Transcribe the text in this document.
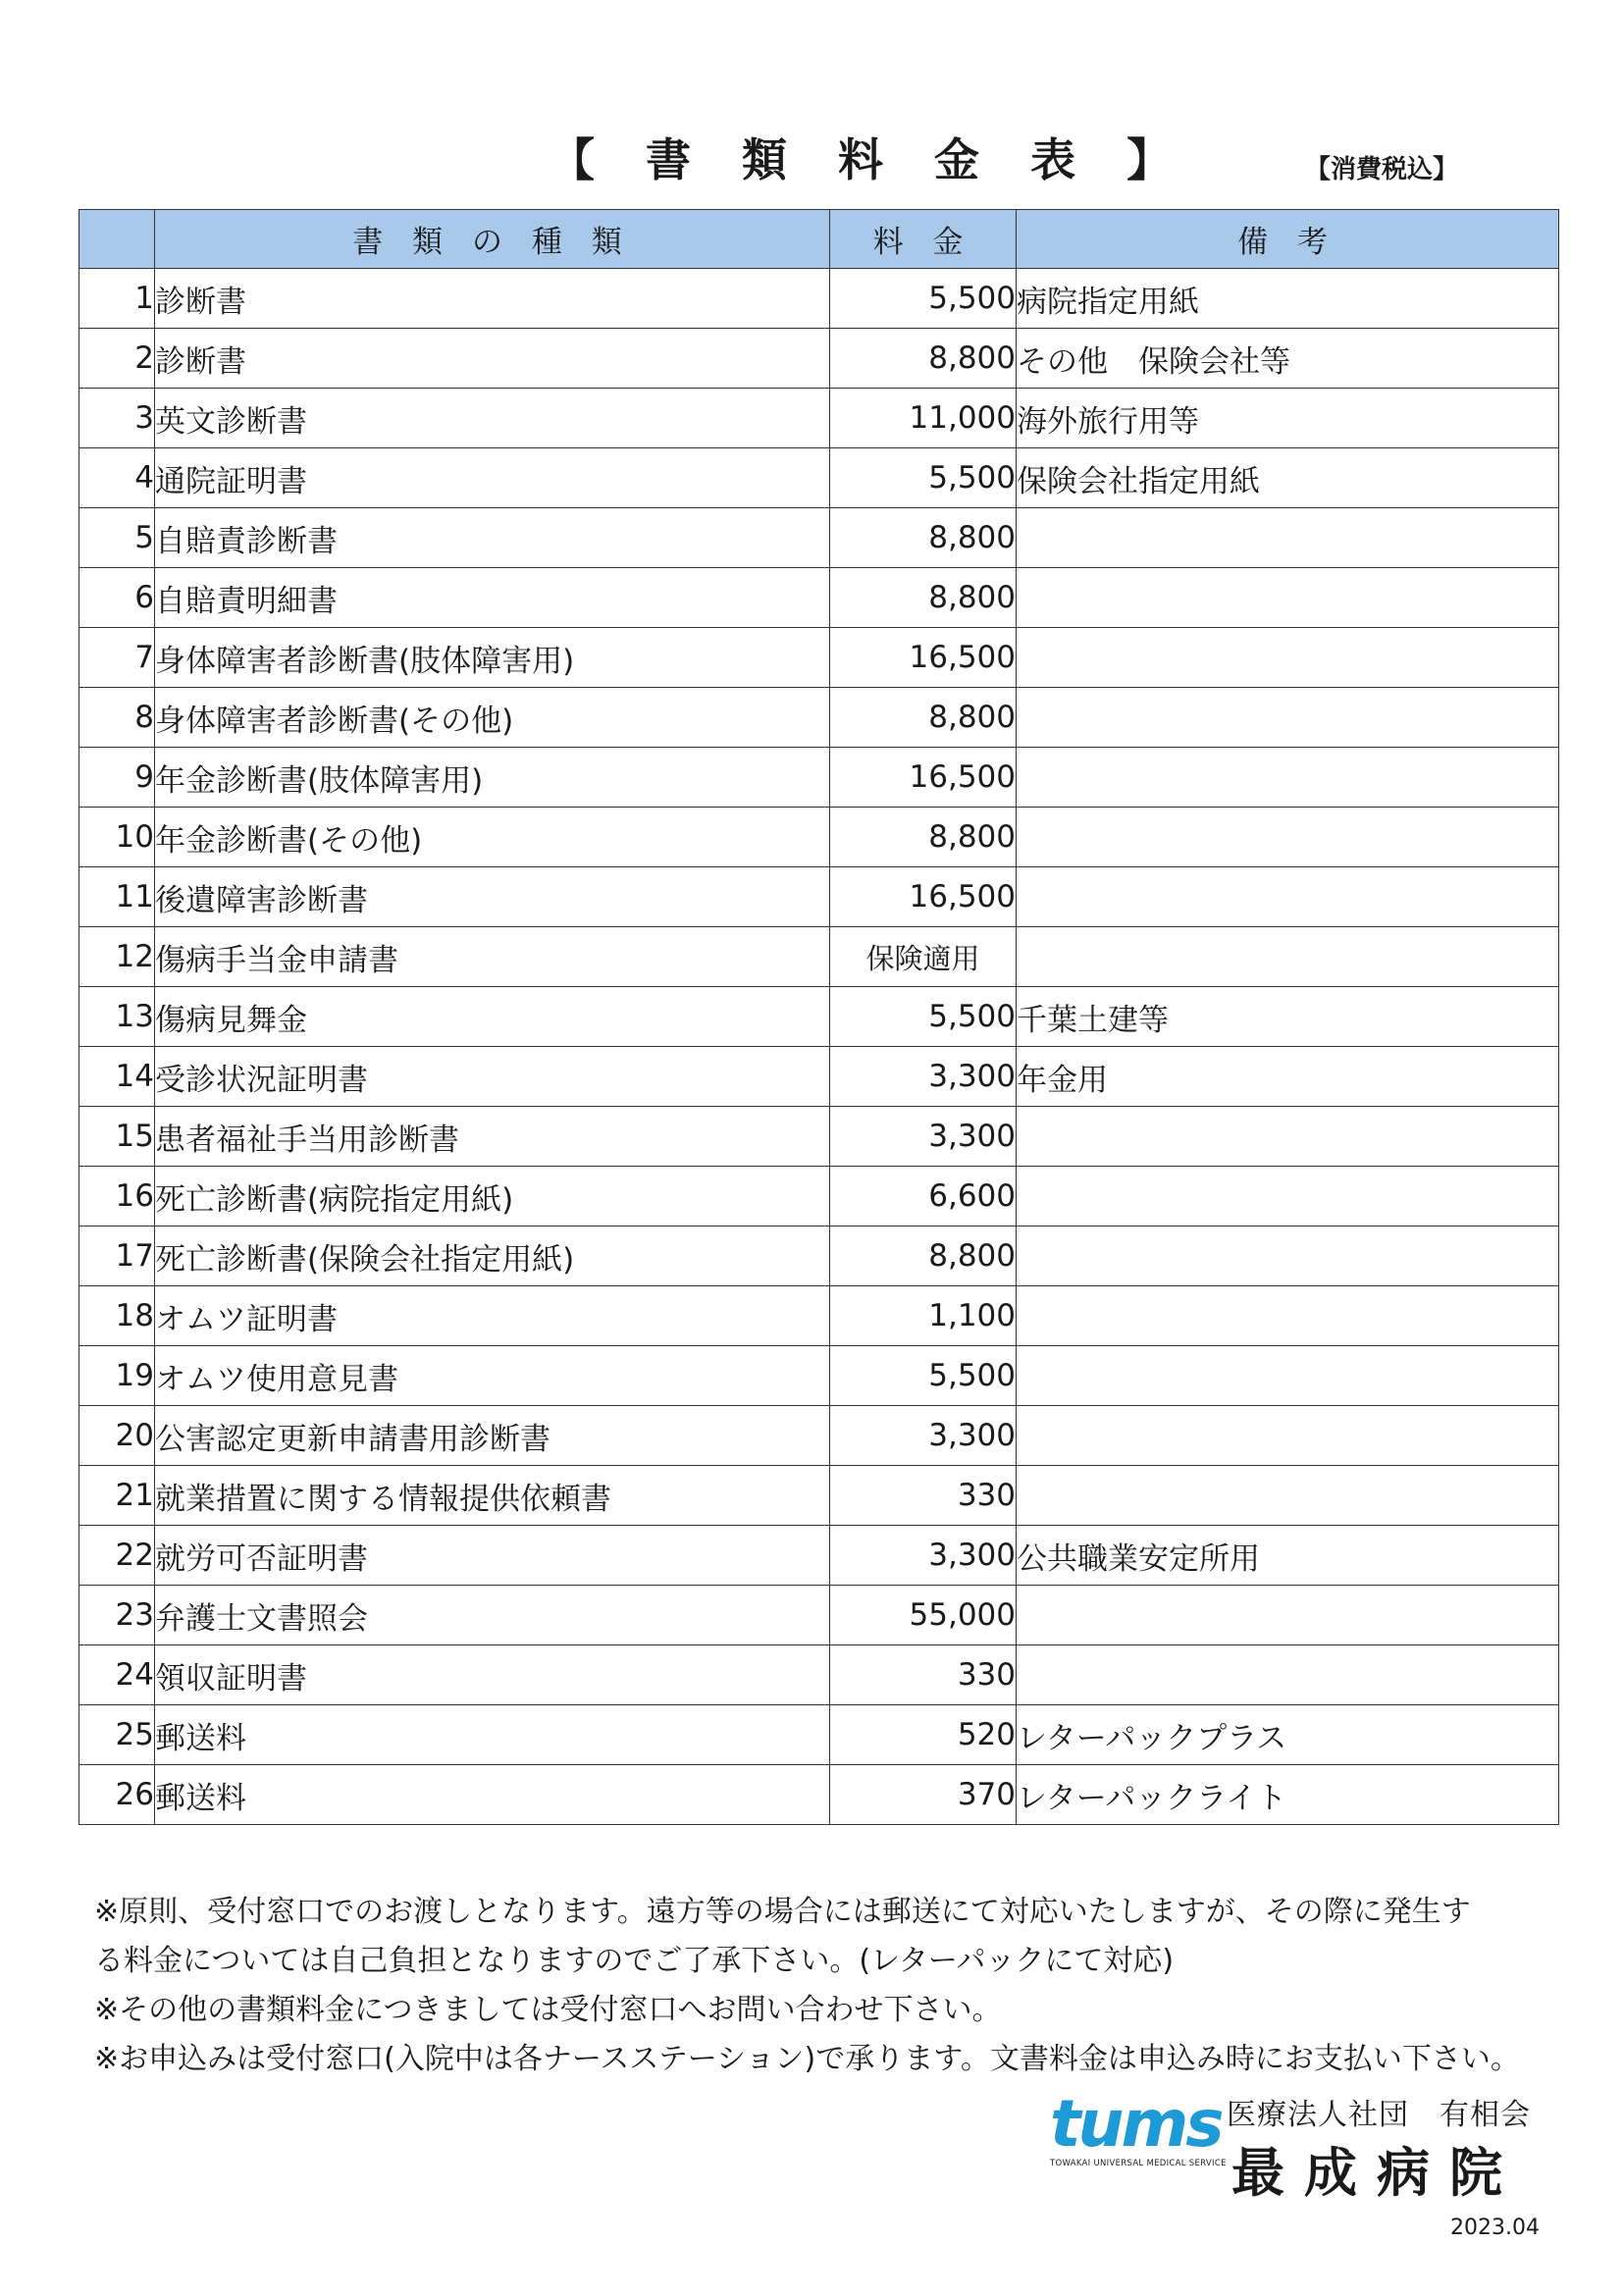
【 書 類 料 金 表 】	【消費税込】
	書 類 の 種 類	料 金	備 考
1	診断書	5,500	病院指定用紙
2	診断書	8,800	その他　保険会社等
3	英文診断書	11,000	海外旅行用等
4	通院証明書	5,500	保険会社指定用紙
5	自賠責診断書	8,800	
6	自賠責明細書	8,800	
7	身体障害者診断書(肢体障害用)	16,500	
8	身体障害者診断書(その他)	8,800	
9	年金診断書(肢体障害用)	16,500	
10	年金診断書(その他)	8,800	
11	後遺障害診断書	16,500	
12	傷病手当金申請書	保険適用	
13	傷病見舞金	5,500	千葉土建等
14	受診状況証明書	3,300	年金用
15	患者福祉手当用診断書	3,300	
16	死亡診断書(病院指定用紙)	6,600	
17	死亡診断書(保険会社指定用紙)	8,800	
18	オムツ証明書	1,100	
19	オムツ使用意見書	5,500	
20	公害認定更新申請書用診断書	3,300	
21	就業措置に関する情報提供依頼書	330	
22	就労可否証明書	3,300	公共職業安定所用
23	弁護士文書照会	55,000	
24	領収証明書	330	
25	郵送料	520	レターパックプラス
26	郵送料	370	レターパックライト
※原則、受付窓口でのお渡しとなります。遠方等の場合には郵送にて対応いたしますが、その際に発生す
る料金については自己負担となりますのでご了承下さい。(レターパックにて対応)
※その他の書類料金につきましては受付窓口へお問い合わせ下さい。
※お申込みは受付窓口(入院中は各ナースステーション)で承ります。文書料金は申込み時にお支払い下さい。
tums
TOWAKAI UNIVERSAL MEDICAL SERVICE
医療法人社団　有相会
最成病院
2023.04
